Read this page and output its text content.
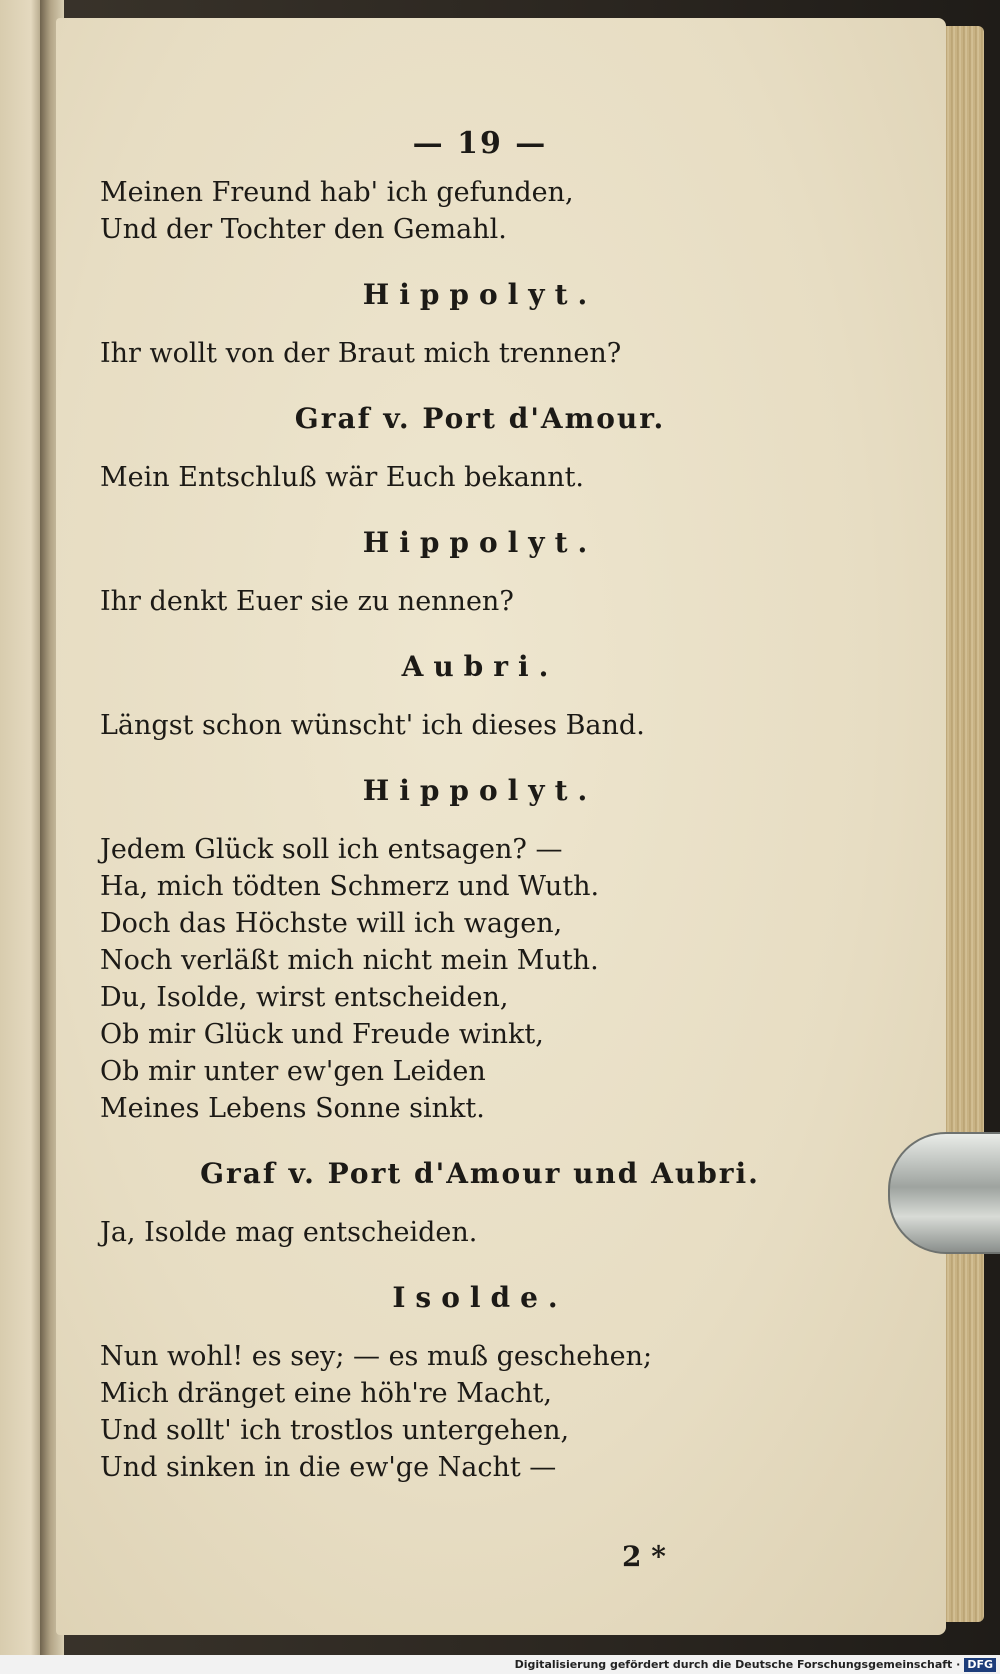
— 19 —
Meinen Freund hab' ich gefunden,
Und der Tochter den Gemahl.
Hippolyt.
Ihr wollt von der Braut mich trennen?
Graf v. Port d'Amour.
Mein Entschluß wär Euch bekannt.
Hippolyt.
Ihr denkt Euer sie zu nennen?
Aubri.
Längst schon wünscht' ich dieses Band.
Hippolyt.
Jedem Glück soll ich entsagen? —
Ha, mich tödten Schmerz und Wuth.
Doch das Höchste will ich wagen,
Noch verläßt mich nicht mein Muth.
Du, Isolde, wirst entscheiden,
Ob mir Glück und Freude winkt,
Ob mir unter ew'gen Leiden
Meines Lebens Sonne sinkt.
Graf v. Port d'Amour und Aubri.
Ja, Isolde mag entscheiden.
Isolde.
Nun wohl! es sey; — es muß geschehen;
Mich dränget eine höh're Macht,
Und sollt' ich trostlos untergehen,
Und sinken in die ew'ge Nacht —
2 *
Digitalisierung gefördert durch die Deutsche Forschungsgemeinschaft · DFG
